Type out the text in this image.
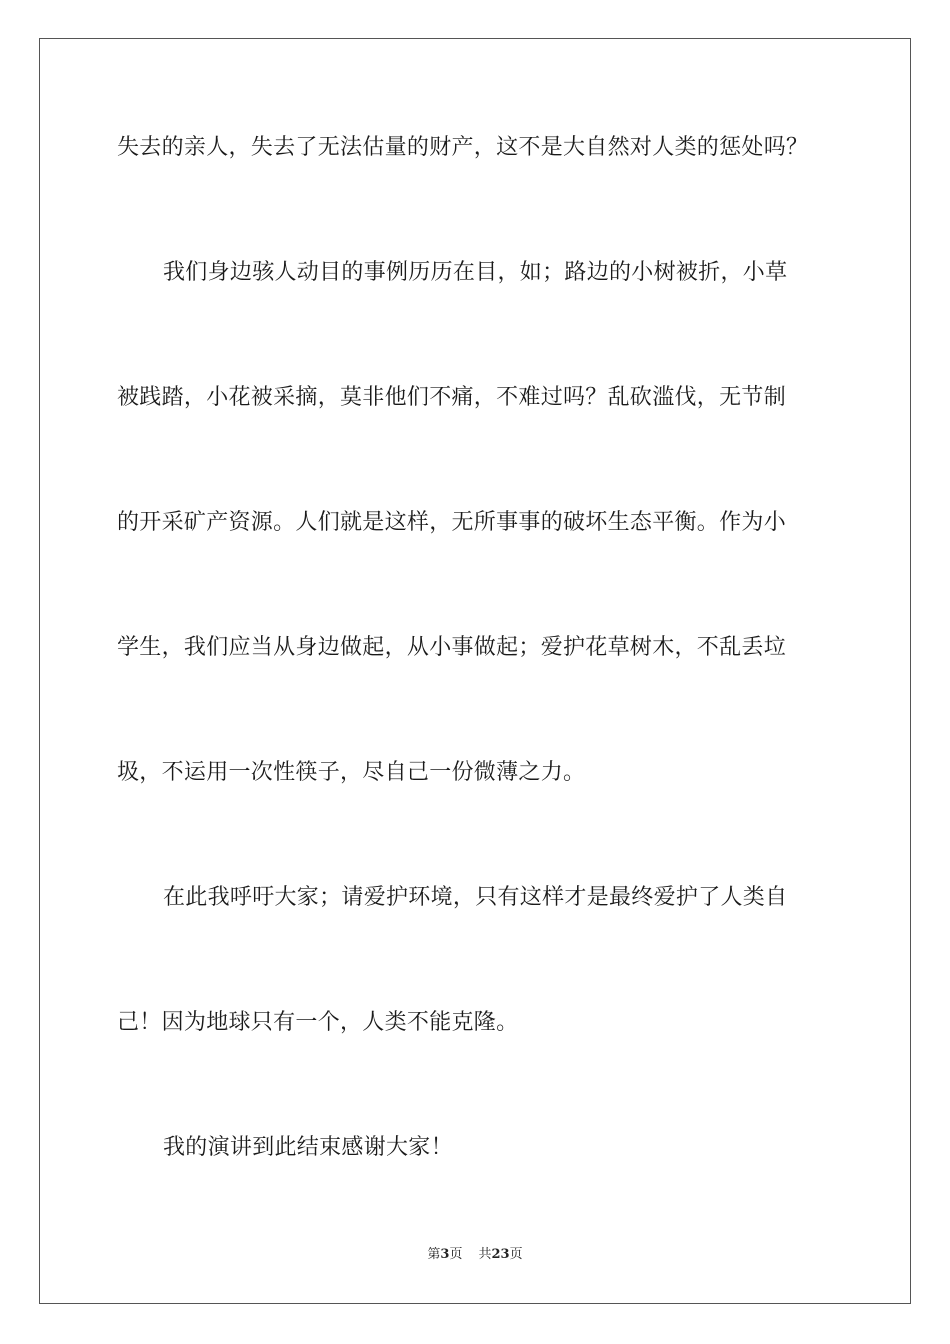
失去的亲人，失去了无法估量的财产，这不是大自然对人类的惩处吗？
我们身边骇人动目的事例历历在目，如；路边的小树被折，小草
被践踏，小花被采摘，莫非他们不痛，不难过吗？乱砍滥伐，无节制
的开采矿产资源。人们就是这样，无所事事的破坏生态平衡。作为小
学生，我们应当从身边做起，从小事做起；爱护花草树木，不乱丢垃
圾，不运用一次性筷子，尽自己一份微薄之力。
在此我呼吁大家；请爱护环境，只有这样才是最终爱护了人类自
己！因为地球只有一个，人类不能克隆。
我的演讲到此结束感谢大家！
第3页 共23页
